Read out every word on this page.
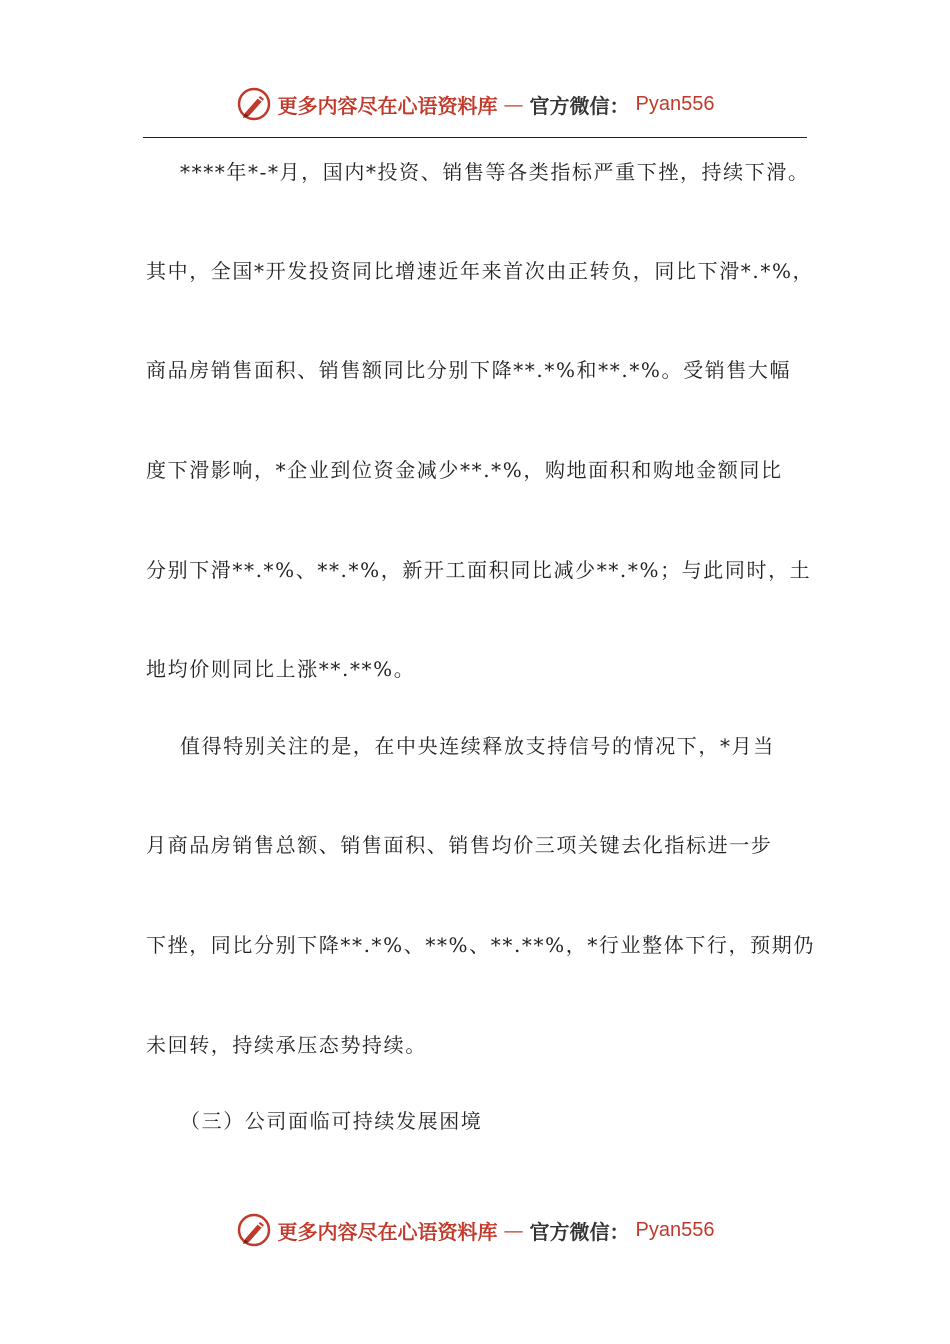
更多内容尽在心语资料库 — 官方微信： Pyan556
****年*-*月，国内*投资、销售等各类指标严重下挫，持续下滑。
其中，全国*开发投资同比增速近年来首次由正转负，同比下滑*.*%，
商品房销售面积、销售额同比分别下降**.*%和**.*%。受销售大幅
度下滑影响，*企业到位资金减少**.*%，购地面积和购地金额同比
分别下滑**.*%、**.*%，新开工面积同比减少**.*%；与此同时，土
地均价则同比上涨**.**%。
值得特别关注的是，在中央连续释放支持信号的情况下，*月当
月商品房销售总额、销售面积、销售均价三项关键去化指标进一步
下挫，同比分别下降**.*%、**%、**.**%，*行业整体下行，预期仍
未回转，持续承压态势持续。
（三）公司面临可持续发展困境
更多内容尽在心语资料库 — 官方微信： Pyan556
